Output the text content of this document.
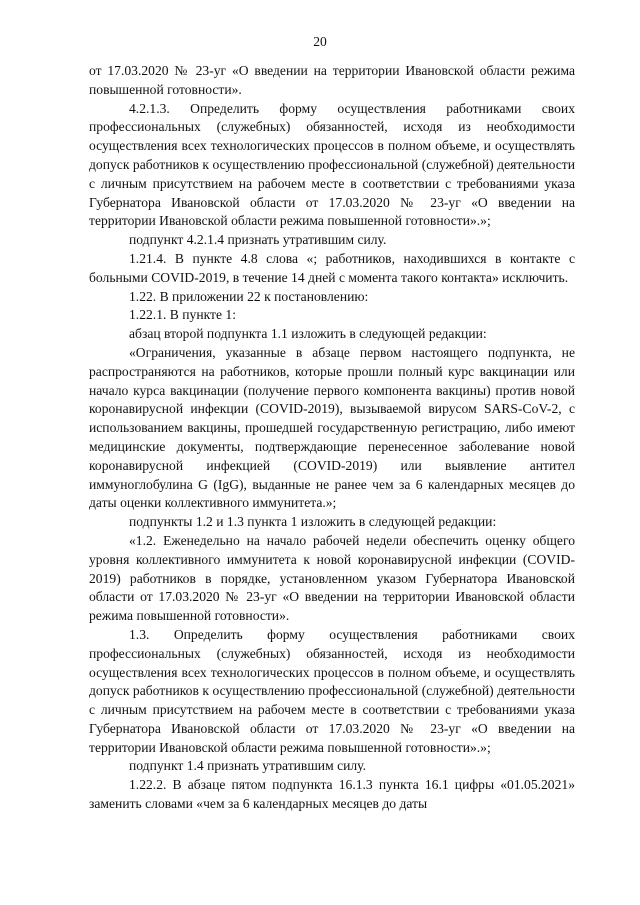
20

от 17.03.2020 № 23-уг «О введении на территории Ивановской области режима повышенной готовности».

4.2.1.3. Определить форму осуществления работниками своих профессиональных (служебных) обязанностей, исходя из необходимости осуществления всех технологических процессов в полном объеме, и осуществлять допуск работников к осуществлению профессиональной (служебной) деятельности с личным присутствием на рабочем месте в соответствии с требованиями указа Губернатора Ивановской области от 17.03.2020 № 23-уг «О введении на территории Ивановской области режима повышенной готовности».»;

подпункт 4.2.1.4 признать утратившим силу.

1.21.4. В пункте 4.8 слова «; работников, находившихся в контакте с больными COVID-2019, в течение 14 дней с момента такого контакта» исключить.

1.22. В приложении 22 к постановлению:

1.22.1. В пункте 1:

абзац второй подпункта 1.1 изложить в следующей редакции:

«Ограничения, указанные в абзаце первом настоящего подпункта, не распространяются на работников, которые прошли полный курс вакцинации или начало курса вакцинации (получение первого компонента вакцины) против новой коронавирусной инфекции (COVID-2019), вызываемой вирусом SARS-CoV-2, с использованием вакцины, прошедшей государственную регистрацию, либо имеют медицинские документы, подтверждающие перенесенное заболевание новой коронавирусной инфекцией (COVID-2019) или выявление антител иммуноглобулина G (IgG), выданные не ранее чем за 6 календарных месяцев до даты оценки коллективного иммунитета.»;

подпункты 1.2 и 1.3 пункта 1 изложить в следующей редакции:

«1.2. Еженедельно на начало рабочей недели обеспечить оценку общего уровня коллективного иммунитета к новой коронавирусной инфекции (COVID-2019) работников в порядке, установленном указом Губернатора Ивановской области от 17.03.2020 № 23-уг «О введении на территории Ивановской области режима повышенной готовности».

1.3. Определить форму осуществления работниками своих профессиональных (служебных) обязанностей, исходя из необходимости осуществления всех технологических процессов в полном объеме, и осуществлять допуск работников к осуществлению профессиональной (служебной) деятельности с личным присутствием на рабочем месте в соответствии с требованиями указа Губернатора Ивановской области от 17.03.2020 № 23-уг «О введении на территории Ивановской области режима повышенной готовности».»;

подпункт 1.4 признать утратившим силу.

1.22.2. В абзаце пятом подпункта 16.1.3 пункта 16.1 цифры «01.05.2021» заменить словами «чем за 6 календарных месяцев до даты
